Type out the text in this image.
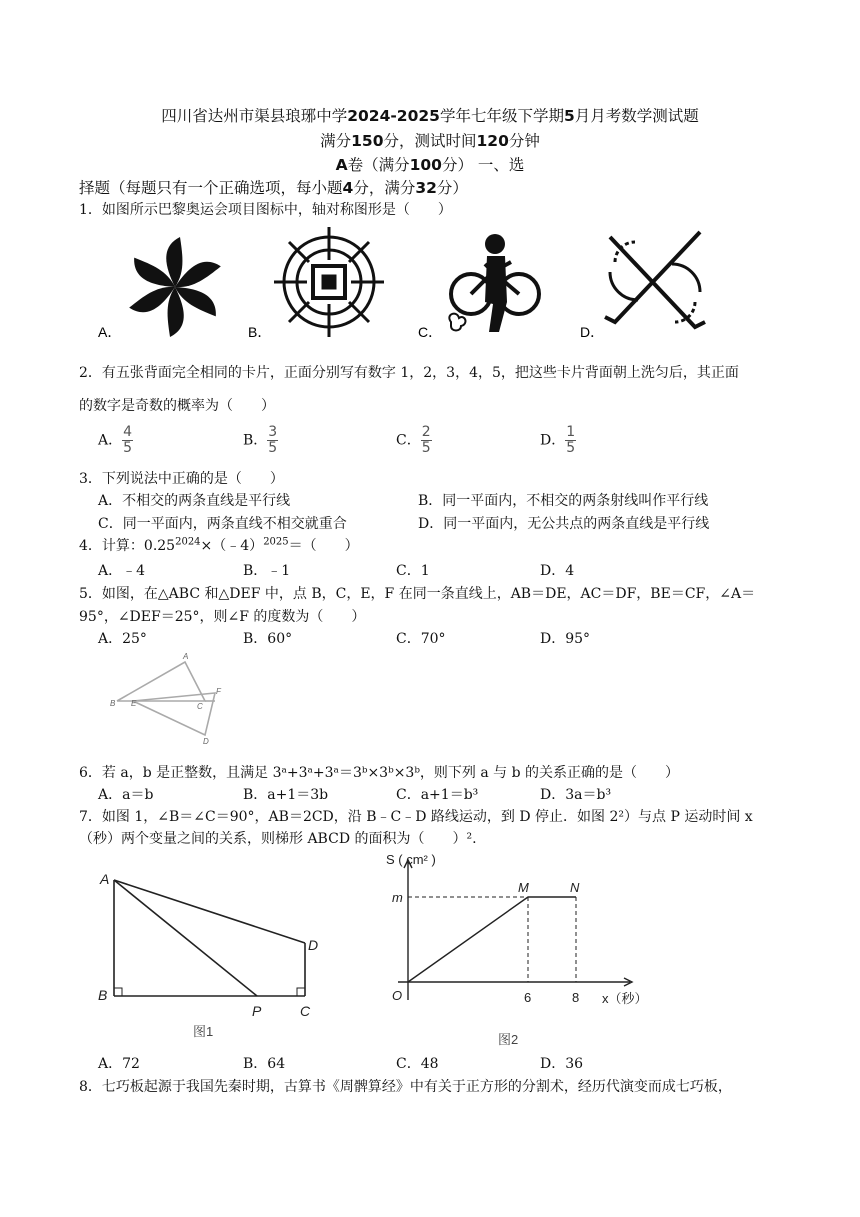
四川省达州市渠县琅琊中学2024-2025学年七年级下学期5月月考数学测试题
满分150分，测试时间120分钟
A卷（满分100分） 一、选
择题（每题只有一个正确选项，每小题4分，满分32分）
1．如图所示巴黎奥运会项目图标中，轴对称图形是（　　）
A．	B．	C．	D．
2．有五张背面完全相同的卡片，正面分别写有数字 1，2，3，4，5，把这些卡片背面朝上洗匀后，其正面
的数字是奇数的概率为（　　）
A． $\frac{4}{5}$	B． $\frac{3}{5}$	C． $\frac{2}{5}$	D． $\frac{1}{5}$
3．下列说法中正确的是（　　）
A．不相交的两条直线是平行线	B．同一平面内，不相交的两条射线叫作平行线
C．同一平面内，两条直线不相交就重合	D．同一平面内，无公共点的两条直线是平行线
4．计算：$0.25^{2024}\times(﹣4)^{2025}=$（　　）
A．﹣4	B．﹣1	C．1	D．4
5．如图，在△ABC 和△DEF 中，点 B，C，E，F 在同一条直线上，AB＝DE，AC＝DF，BE＝CF，∠A＝
95°，∠DEF＝25°，则∠F 的度数为（　　）
A．25°	B．60°	C．70°	D．95°
A
B E	C
F
D
6．若 a，b 是正整数，且满足 3ᵃ+3ᵃ+3ᵃ＝3ᵇ×3ᵇ×3ᵇ，则下列 a 与 b 的关系正确的是（　　）
A．a＝b	B．a+1＝3b	C．a+1＝b³	D．3a＝b³
7．如图 1，∠B＝∠C＝90°，AB＝2CD，沿 B﹣C﹣D 路线运动，到 D 停止．如图 2²）与点 P 运动时间 x
（秒）两个变量之间的关系，则梯形 ABCD 的面积为（　　）².
A
B
C
D
P
图1
S ( cm² )
m
M	N
O	6	8 x（秒）
图2
A．72	B．64	C．48	D．36
8．七巧板起源于我国先秦时期，古算书《周髀算经》中有关于正方形的分割术，经历代演变而成七巧板，
